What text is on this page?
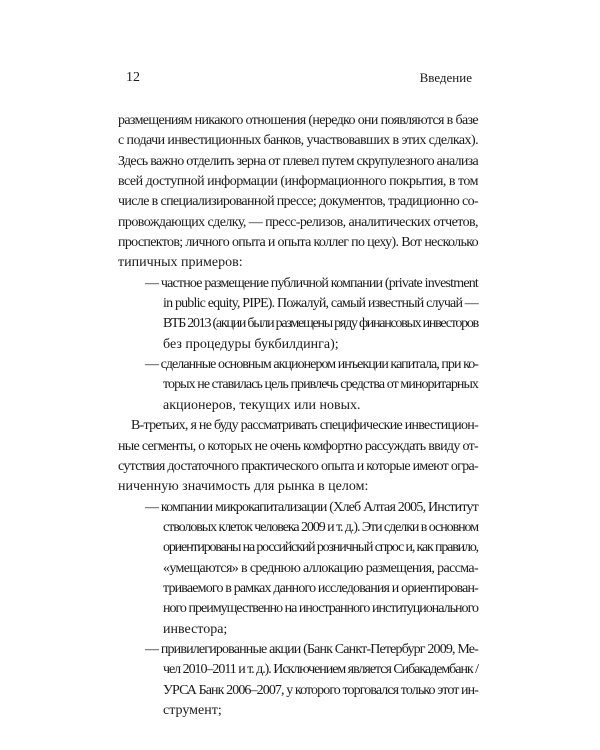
12	Введение
размещениям никакого отношения (нередко они появляются в базе
с подачи инвестиционных банков, участвовавших в этих сделках).
Здесь важно отделить зерна от плевел путем скрупулезного анализа
всей доступной информации (информационного покрытия, в том
числе в специализированной прессе; документов, традиционно со-
провождающих сделку, — пресс-релизов, аналитических отчетов,
проспектов; личного опыта и опыта коллег по цеху). Вот несколько
типичных примеров:
— частное размещение публичной компании (private investment
in public equity, PIPE). Пожалуй, самый известный случай —
ВТБ 2013 (акции были размещены ряду финансовых инвесторов
без процедуры букбилдинга);
— сделанные основным акционером инъекции капитала, при ко-
торых не ставилась цель привлечь средства от миноритарных
акционеров, текущих или новых.
В-третьих, я не буду рассматривать специфические инвестицион-
ные сегменты, о которых не очень комфортно рассуждать ввиду от-
сутствия достаточного практического опыта и которые имеют огра-
ниченную значимость для рынка в целом:
— компании микрокапитализации (Хлеб Алтая 2005, Институт
стволовых клеток человека 2009 и т. д.). Эти сделки в основном
ориентированы на российский розничный спрос и, как правило,
«умещаются» в среднюю аллокацию размещения, рассма-
триваемого в рамках данного исследования и ориентирован-
ного преимущественно на иностранного институционального
инвестора;
— привилегированные акции (Банк Санкт-Петербург 2009, Ме-
чел 2010–2011 и т. д.). Исключением является Сибакадембанк /
УРСА Банк 2006–2007, у которого торговался только этот ин-
струмент;
